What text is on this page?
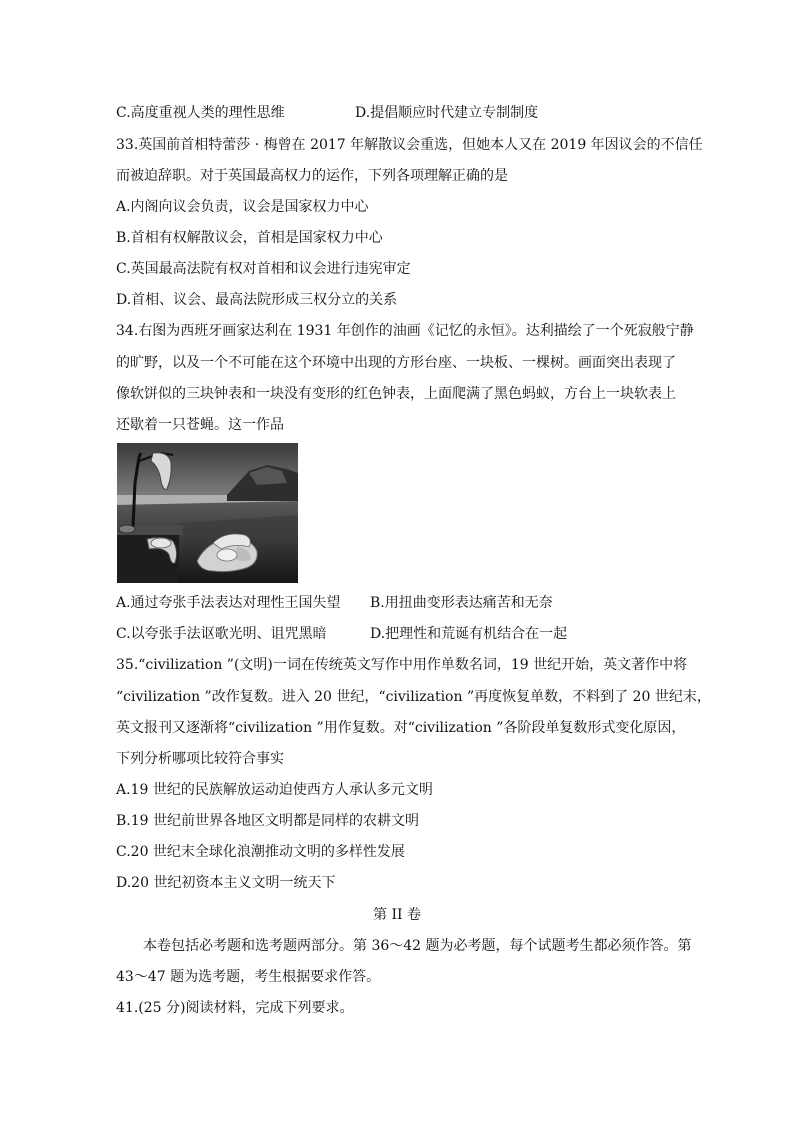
C.高度重视人类的理性思维	D.提倡顺应时代建立专制制度
33.英国前首相特蕾莎 · 梅曾在 2017 年解散议会重选，但她本人又在 2019 年因议会的不信任
而被迫辞职。对于英国最高权力的运作，下列各项理解正确的是
A.内阁向议会负责，议会是国家权力中心
B.首相有权解散议会，首相是国家权力中心
C.英国最高法院有权对首相和议会进行违宪审定
D.首相、议会、最高法院形成三权分立的关系
34.右图为西班牙画家达利在 1931 年创作的油画《记忆的永恒》。达利描绘了一个死寂般宁静
的旷野，以及一个不可能在这个环境中出现的方形台座、一块板、一棵树。画面突出表现了
像软饼似的三块钟表和一块没有变形的红色钟表，上面爬满了黑色蚂蚁，方台上一块软表上
还歇着一只苍蝇。这一作品
A.通过夸张手法表达对理性王国失望 B.用扭曲变形表达痛苦和无奈
C.以夸张手法讴歌光明、诅咒黑暗	D.把理性和荒诞有机结合在一起
35.“civilization ”(文明)一词在传统英文写作中用作单数名词，19 世纪开始，英文著作中将
“civilization ”改作复数。进入 20 世纪，“civilization ”再度恢复单数，不料到了 20 世纪末，
英文报刊又逐渐将“civilization ”用作复数。对“civilization ”各阶段单复数形式变化原因，
下列分析哪项比较符合事实
A.19 世纪的民族解放运动迫使西方人承认多元文明
B.19 世纪前世界各地区文明都是同样的农耕文明
C.20 世纪末全球化浪潮推动文明的多样性发展
D.20 世纪初资本主义文明一统天下
第 II 卷
本卷包括必考题和选考题两部分。第 36～42 题为必考题，每个试题考生都必须作答。第
43～47 题为选考题，考生根据要求作答。
41.(25 分)阅读材料，完成下列要求。
